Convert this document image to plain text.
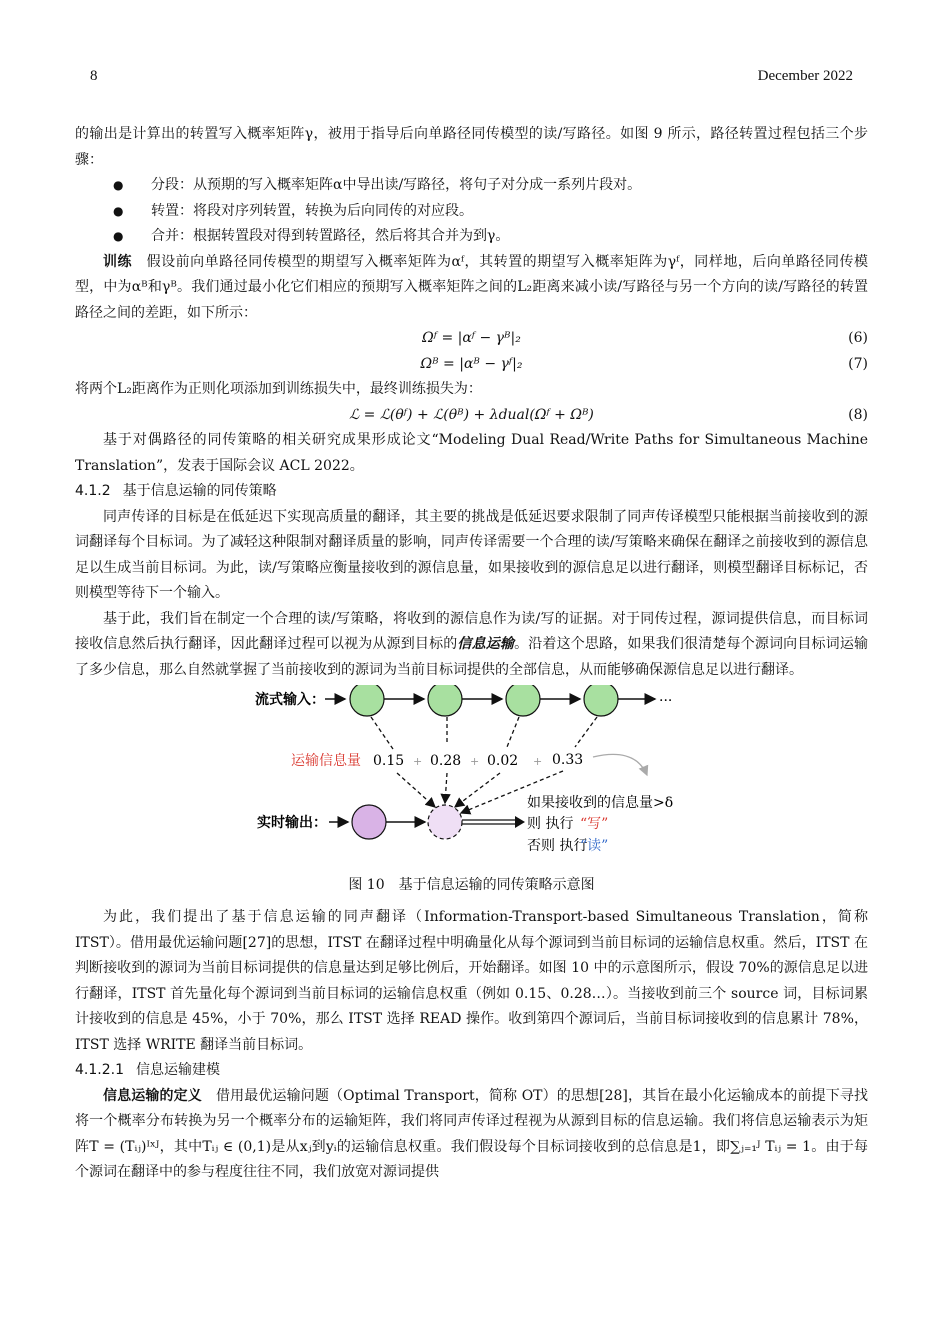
8	December 2022

的输出是计算出的转置写入概率矩阵γ，被用于指导后向单路径同传模型的读/写路径。如图 9 所示，路径转置过程包括三个步骤：

● 分段：从预期的写入概率矩阵α中导出读/写路径，将句子对分成一系列片段对。

● 转置：将段对序列转置，转换为后向同传的对应段。

● 合并：根据转置段对得到转置路径，然后将其合并为到γ。

训练　 假设前向单路径同传模型的期望写入概率矩阵为αᶠ，其转置的期望写入概率矩阵为γᶠ，同样地，后向单路径同传模型，中为αᴮ和γᴮ。我们通过最小化它们相应的预期写入概率矩阵之间的L₂距离来减小读/写路径与另一个方向的读/写路径的转置路径之间的差距，如下所示：

Ωᶠ = |αᶠ − γᴮ|₂	(6)
Ωᴮ = |αᴮ − γᶠ|₂	(7)

将两个L₂距离作为正则化项添加到训练损失中，最终训练损失为：

ℒ = ℒ(θᶠ) + ℒ(θᴮ) + λdual(Ωᶠ + Ωᴮ)	(8)

基于对偶路径的同传策略的相关研究成果形成论文“Modeling Dual Read/Write Paths for Simultaneous Machine Translation”，发表于国际会议 ACL 2022。

4.1.2 基于信息运输的同传策略

同声传译的目标是在低延迟下实现高质量的翻译，其主要的挑战是低延迟要求限制了同声传译模型只能根据当前接收到的源词翻译每个目标词。为了减轻这种限制对翻译质量的影响，同声传译需要一个合理的读/写策略来确保在翻译之前接收到的源信息足以生成当前目标词。为此，读/写策略应衡量接收到的源信息量，如果接收到的源信息足以进行翻译，则模型翻译目标标记，否则模型等待下一个输入。

基于此，我们旨在制定一个合理的读/写策略，将收到的源信息作为读/写的证据。对于同传过程，源词提供信息，而目标词接收信息然后执行翻译，因此翻译过程可以视为从源到目标的信息运输。沿着这个思路，如果我们很清楚每个源词向目标词运输了多少信息，那么自然就掌握了当前接收到的源词为当前目标词提供的全部信息，从而能够确保源信息足以进行翻译。

流式输入：	···
运输信息量 0.15 + 0.28 + 0.02 + 0.33
实时输出：
如果接收到的信息量>δ
则 执行 “写”
否则 执行
“读”

图 10　基于信息运输的同传策略示意图

为此，我们提出了基于信息运输的同声翻译（Information-Transport-based Simultaneous Translation，简称ITST）。借用最优运输问题[27]的思想，ITST 在翻译过程中明确量化从每个源词到当前目标词的运输信息权重。然后，ITST 在判断接收到的源词为当前目标词提供的信息量达到足够比例后，开始翻译。如图 10 中的示意图所示，假设 70%的源信息足以进行翻译，ITST 首先量化每个源词到当前目标词的运输信息权重（例如 0.15、0.28…）。当接收到前三个 source 词，目标词累计接收到的信息是 45%，小于 70%，那么 ITST 选择 READ 操作。收到第四个源词后，当前目标词接收到的信息累计 78%，ITST 选择 WRITE 翻译当前目标词。

4.1.2.1 信息运输建模

信息运输的定义　 借用最优运输问题（Optimal Transport，简称 OT）的思想[28]，其旨在最小化运输成本的前提下寻找将一个概率分布转换为另一个概率分布的运输矩阵，我们将同声传译过程视为从源到目标的信息运输。我们将信息运输表示为矩阵T = (Tᵢⱼ)ᴵˣᴶ，其中Tᵢⱼ ∈ (0,1)是从xⱼ到yᵢ的运输信息权重。我们假设每个目标词接收到的总信息是1，即∑ⱼ₌₁ᴶ Tᵢⱼ = 1。由于每个源词在翻译中的参与程度往往不同，我们放宽对源词提供
